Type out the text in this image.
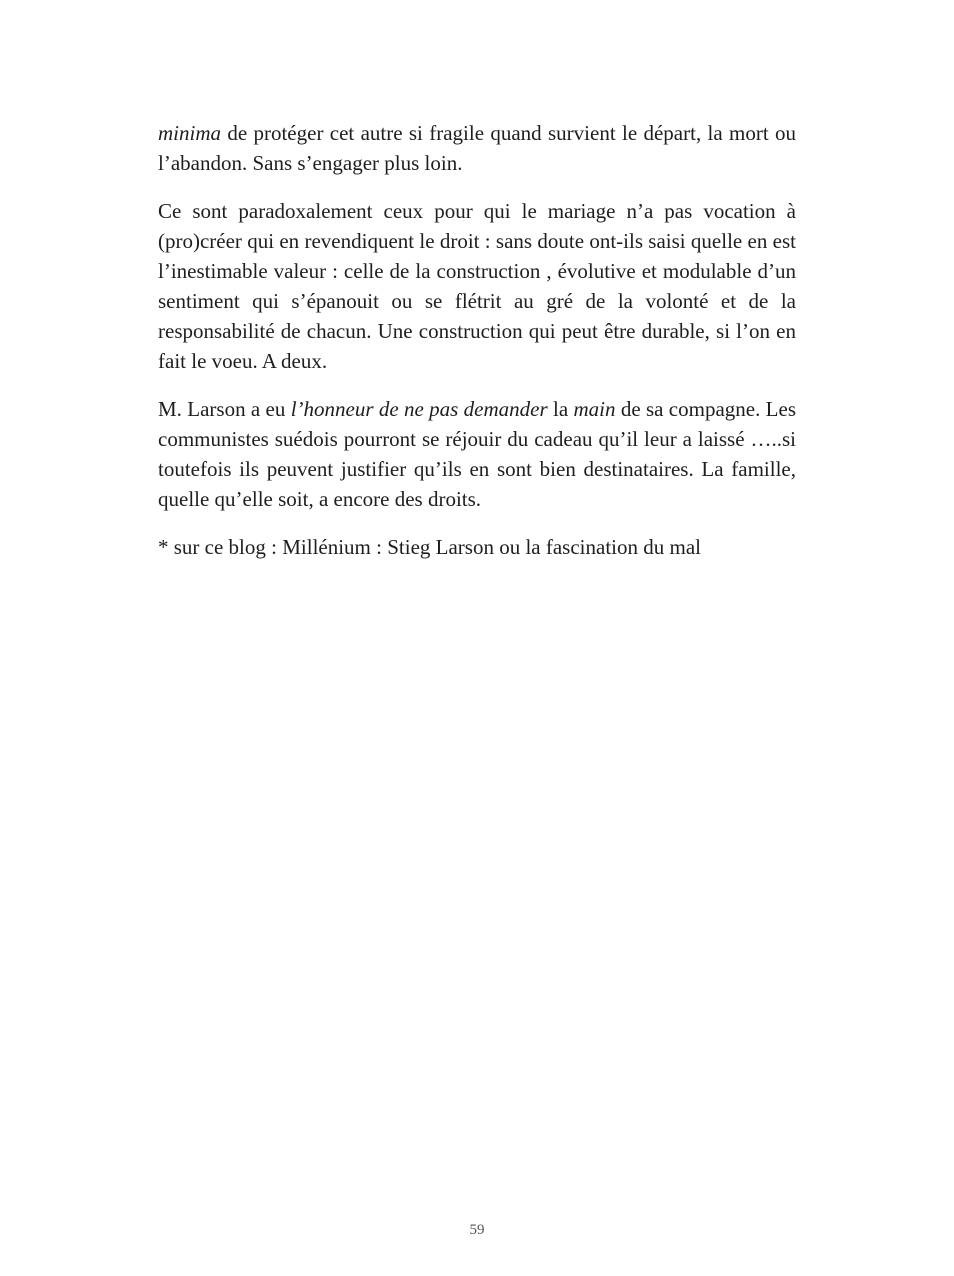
minima de protéger cet autre si fragile quand survient le départ, la mort ou l’abandon. Sans s’engager plus loin.

Ce sont paradoxalement ceux pour qui le mariage n’a pas vocation à (pro)créer qui en revendiquent le droit : sans doute ont-ils saisi quelle en est l’inestimable valeur : celle de la construction , évolutive et modulable d’un sentiment qui s’épanouit ou se flétrit au gré de la volonté et de la responsabilité de chacun. Une construction qui peut être durable, si l’on en fait le voeu. A deux.

M. Larson a eu l’honneur de ne pas demander la main de sa compagne. Les communistes suédois pourront se réjouir du cadeau qu’il leur a laissé …..si toutefois ils peuvent justifier qu’ils en sont bien destinataires. La famille, quelle qu’elle soit, a encore des droits.

* sur ce blog : Millénium : Stieg Larson ou la fascination du mal

59
